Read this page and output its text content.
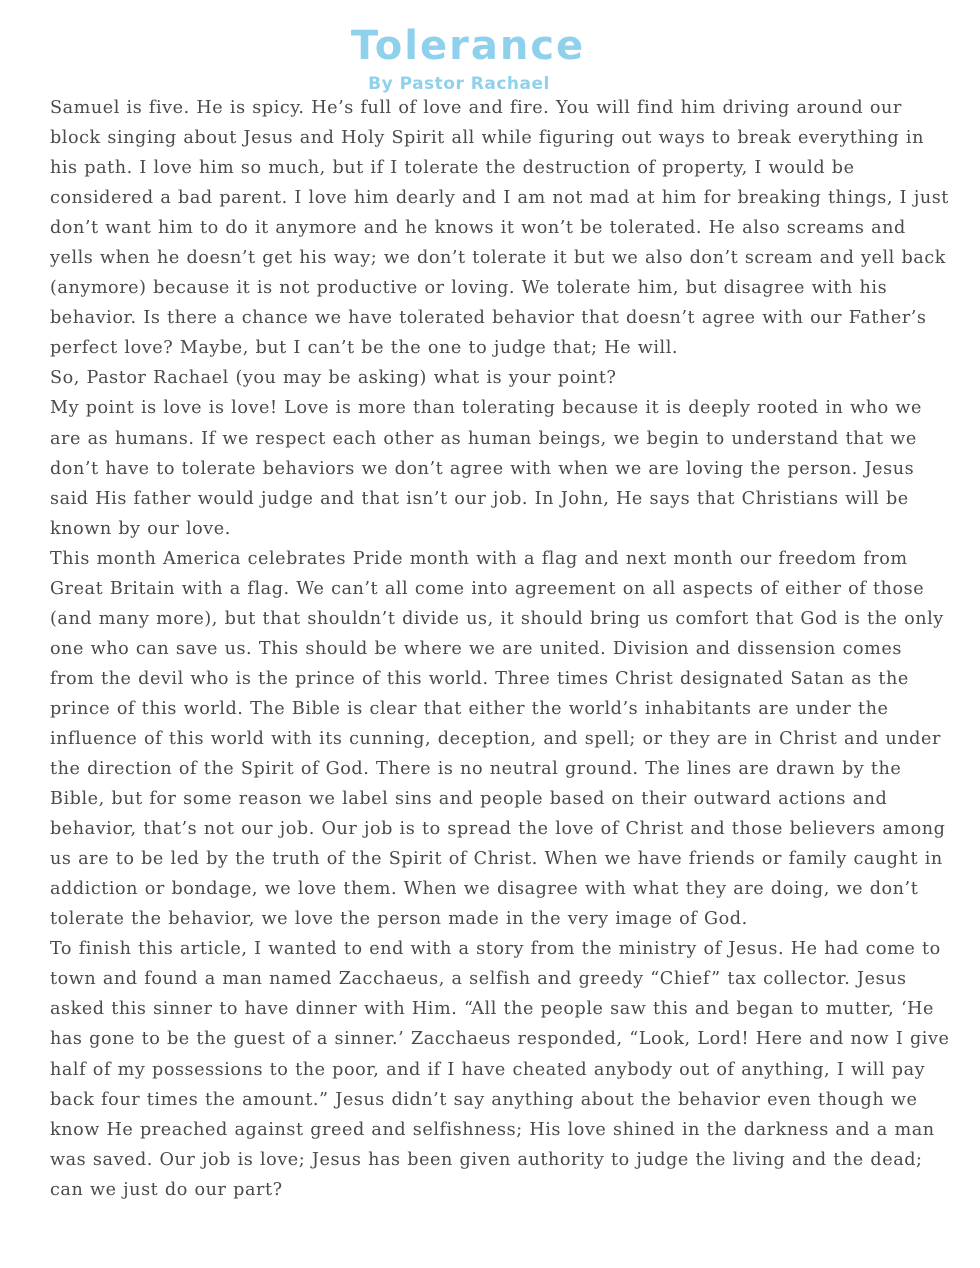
Tolerance
By Pastor Rachael

Samuel is five. He is spicy. He’s full of love and fire. You will find him driving around our block singing about Jesus and Holy Spirit all while figuring out ways to break everything in his path. I love him so much, but if I tolerate the destruction of property, I would be considered a bad parent. I love him dearly and I am not mad at him for breaking things, I just don’t want him to do it anymore and he knows it won’t be tolerated. He also screams and yells when he doesn’t get his way; we don’t tolerate it but we also don’t scream and yell back (anymore) because it is not productive or loving. We tolerate him, but disagree with his behavior. Is there a chance we have tolerated behavior that doesn’t agree with our Father’s perfect love? Maybe, but I can’t be the one to judge that; He will.

So, Pastor Rachael (you may be asking) what is your point?

My point is love is love! Love is more than tolerating because it is deeply rooted in who we are as humans. If we respect each other as human beings, we begin to understand that we don’t have to tolerate behaviors we don’t agree with when we are loving the person. Jesus said His father would judge and that isn’t our job. In John, He says that Christians will be known by our love.

This month America celebrates Pride month with a flag and next month our freedom from Great Britain with a flag. We can’t all come into agreement on all aspects of either of those (and many more), but that shouldn’t divide us, it should bring us comfort that God is the only one who can save us. This should be where we are united. Division and dissension comes from the devil who is the prince of this world. Three times Christ designated Satan as the prince of this world. The Bible is clear that either the world’s inhabitants are under the influence of this world with its cunning, deception, and spell; or they are in Christ and under the direction of the Spirit of God. There is no neutral ground. The lines are drawn by the Bible, but for some reason we label sins and people based on their outward actions and behavior, that’s not our job. Our job is to spread the love of Christ and those believers among us are to be led by the truth of the Spirit of Christ. When we have friends or family caught in addiction or bondage, we love them. When we disagree with what they are doing, we don’t tolerate the behavior, we love the person made in the very image of God.

To finish this article, I wanted to end with a story from the ministry of Jesus. He had come to town and found a man named Zacchaeus, a selfish and greedy “Chief” tax collector. Jesus asked this sinner to have dinner with Him. “All the people saw this and began to mutter, ‘He has gone to be the guest of a sinner.’ Zacchaeus responded, “Look, Lord! Here and now I give half of my possessions to the poor, and if I have cheated anybody out of anything, I will pay back four times the amount.” Jesus didn’t say anything about the behavior even though we know He preached against greed and selfishness; His love shined in the darkness and a man was saved. Our job is love; Jesus has been given authority to judge the living and the dead; can we just do our part?
